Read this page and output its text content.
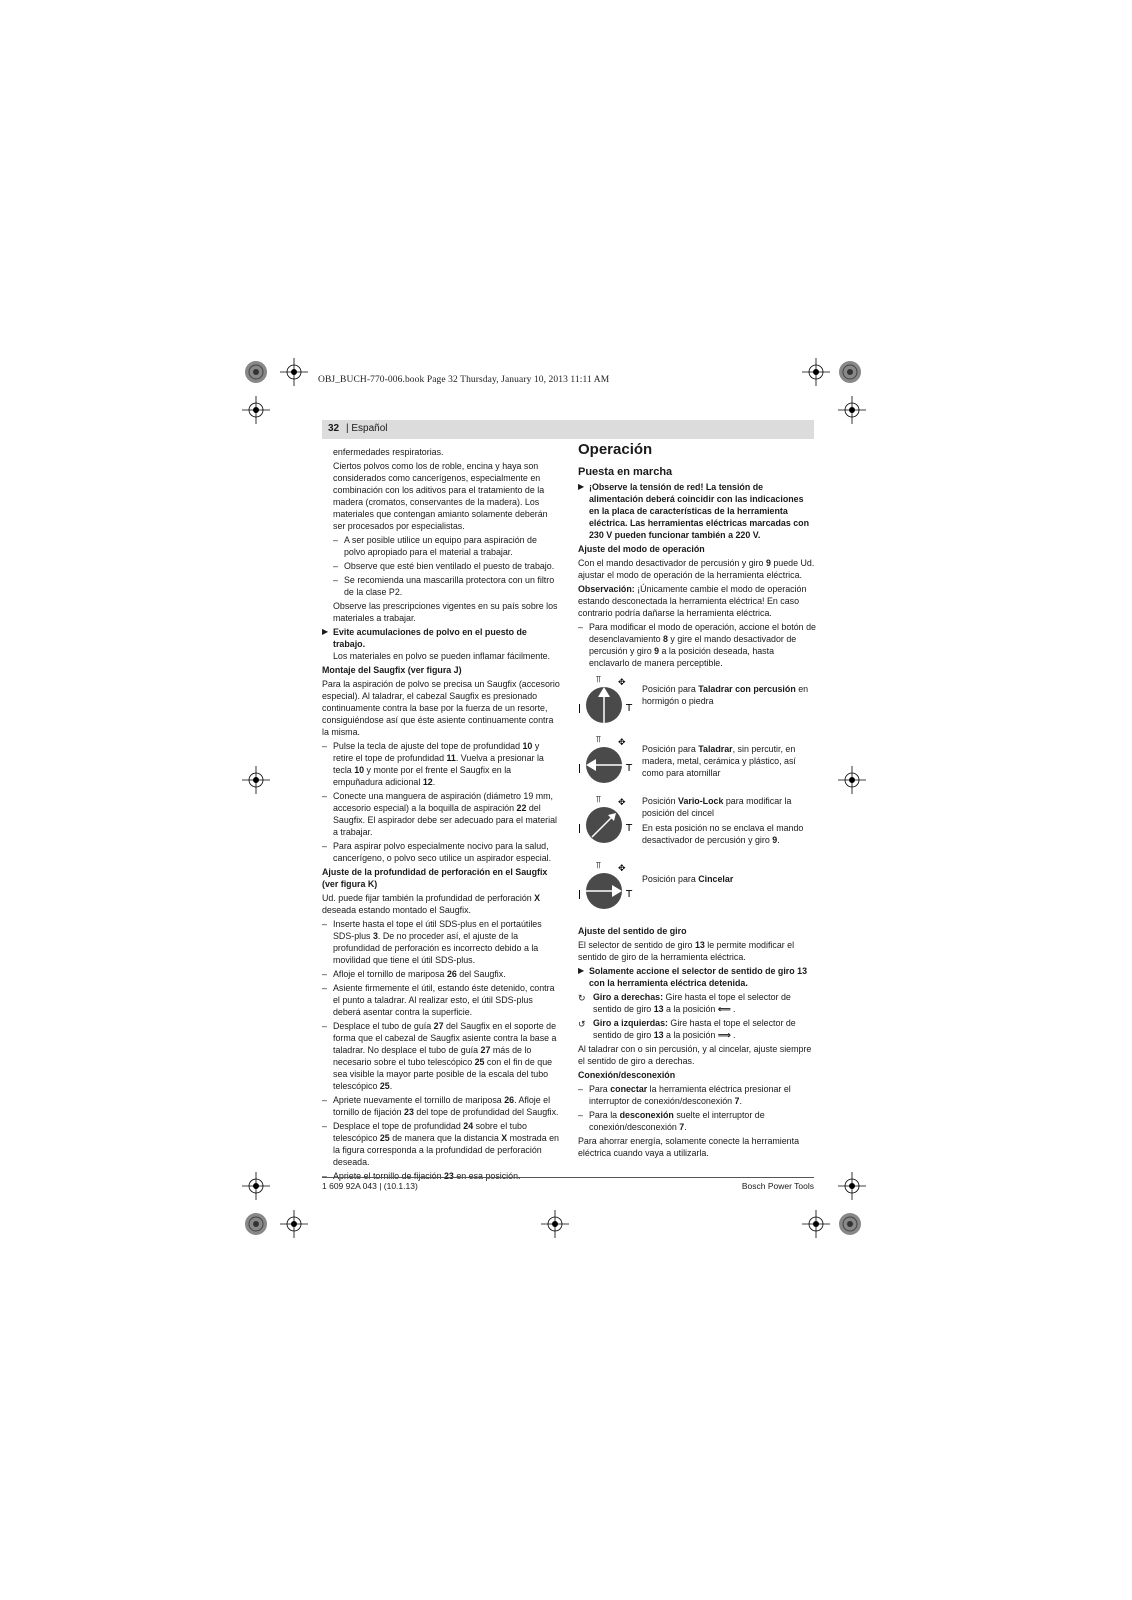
OBJ_BUCH-770-006.book Page 32 Thursday, January 10, 2013 11:11 AM
32 | Español

enfermedades respiratorias.

Ciertos polvos como los de roble, encina y haya son considerados como cancerígenos, especialmente en combinación con los aditivos para el tratamiento de la madera (cromatos, conservantes de la madera). Los materiales que contengan amianto solamente deberán ser procesados por especialistas.

– A ser posible utilice un equipo para aspiración de polvo apropiado para el material a trabajar.

– Observe que esté bien ventilado el puesto de trabajo.

– Se recomienda una mascarilla protectora con un filtro de la clase P2.

Observe las prescripciones vigentes en su país sobre los materiales a trabajar.

▶ Evite acumulaciones de polvo en el puesto de trabajo.
Los materiales en polvo se pueden inflamar fácilmente.

Montaje del Saugfix (ver figura J)

Para la aspiración de polvo se precisa un Saugfix (accesorio especial). Al taladrar, el cabezal Saugfix es presionado continuamente contra la base por la fuerza de un resorte, consiguiéndose así que éste asiente continuamente contra la misma.

– Pulse la tecla de ajuste del tope de profundidad 10 y retire el tope de profundidad 11. Vuelva a presionar la tecla 10 y monte por el frente el Saugfix en la empuñadura adicional 12.

– Conecte una manguera de aspiración (diámetro 19 mm, accesorio especial) a la boquilla de aspiración 22 del Saugfix. El aspirador debe ser adecuado para el material a trabajar.

– Para aspirar polvo especialmente nocivo para la salud, cancerígeno, o polvo seco utilice un aspirador especial.

Ajuste de la profundidad de perforación en el Saugfix (ver figura K)

Ud. puede fijar también la profundidad de perforación X deseada estando montado el Saugfix.

– Inserte hasta el tope el útil SDS-plus en el portaútiles SDS-plus 3. De no proceder así, el ajuste de la profundidad de perforación es incorrecto debido a la movilidad que tiene el útil SDS-plus.

– Afloje el tornillo de mariposa 26 del Saugfix.

– Asiente firmemente el útil, estando éste detenido, contra el punto a taladrar. Al realizar esto, el útil SDS-plus deberá asentar contra la superficie.

– Desplace el tubo de guía 27 del Saugfix en el soporte de forma que el cabezal de Saugfix asiente contra la base a taladrar. No desplace el tubo de guía 27 más de lo necesario sobre el tubo telescópico 25 con el fin de que sea visible la mayor parte posible de la escala del tubo telescópico 25.

– Apriete nuevamente el tornillo de mariposa 26. Afloje el tornillo de fijación 23 del tope de profundidad del Saugfix.

– Desplace el tope de profundidad 24 sobre el tubo telescópico 25 de manera que la distancia X mostrada en la figura corresponda a la profundidad de perforación deseada.

– Apriete el tornillo de fijación 23 en esa posición.

Operación
Puesta en marcha

▶ ¡Observe la tensión de red! La tensión de alimentación deberá coincidir con las indicaciones en la placa de características de la herramienta eléctrica. Las herramientas eléctricas marcadas con 230 V pueden funcionar también a 220 V.

Ajuste del modo de operación

Con el mando desactivador de percusión y giro 9 puede Ud. ajustar el modo de operación de la herramienta eléctrica.

Observación: ¡Únicamente cambie el modo de operación estando desconectada la herramienta eléctrica! En caso contrario podría dañarse la herramienta eléctrica.

– Para modificar el modo de operación, accione el botón de desenclavamiento 8 y gire el mando desactivador de percusión y giro 9 a la posición deseada, hasta enclavarlo de manera perceptible.

⫪ ✥
ǀ	T
Posición para Taladrar con percusión en hormigón o piedra
⫪ ✥
ǀ	T
Posición para Taladrar, sin percutir, en madera, metal, cerámica y plástico, así como para atornillar
⫪ ✥
ǀ	T
Posición Vario-Lock para modificar la posición del cincel

En esta posición no se enclava el mando desactivador de percusión y giro 9.
⫪ ✥
ǀ	T
Posición para Cincelar

Ajuste del sentido de giro

El selector de sentido de giro 13 le permite modificar el sentido de giro de la herramienta eléctrica.

▶ Solamente accione el selector de sentido de giro 13 con la herramienta eléctrica detenida.

↻ Giro a derechas: Gire hasta el tope el selector de sentido de giro 13 a la posición ⟸ .

↺ Giro a izquierdas: Gire hasta el tope el selector de sentido de giro 13 a la posición ⟹ .

Al taladrar con o sin percusión, y al cincelar, ajuste siempre el sentido de giro a derechas.

Conexión/desconexión

– Para conectar la herramienta eléctrica presionar el interruptor de conexión/desconexión 7.

– Para la desconexión suelte el interruptor de conexión/desconexión 7.

Para ahorrar energía, solamente conecte la herramienta eléctrica cuando vaya a utilizarla.

1 609 92A 043 | (10.1.13)	Bosch Power Tools
